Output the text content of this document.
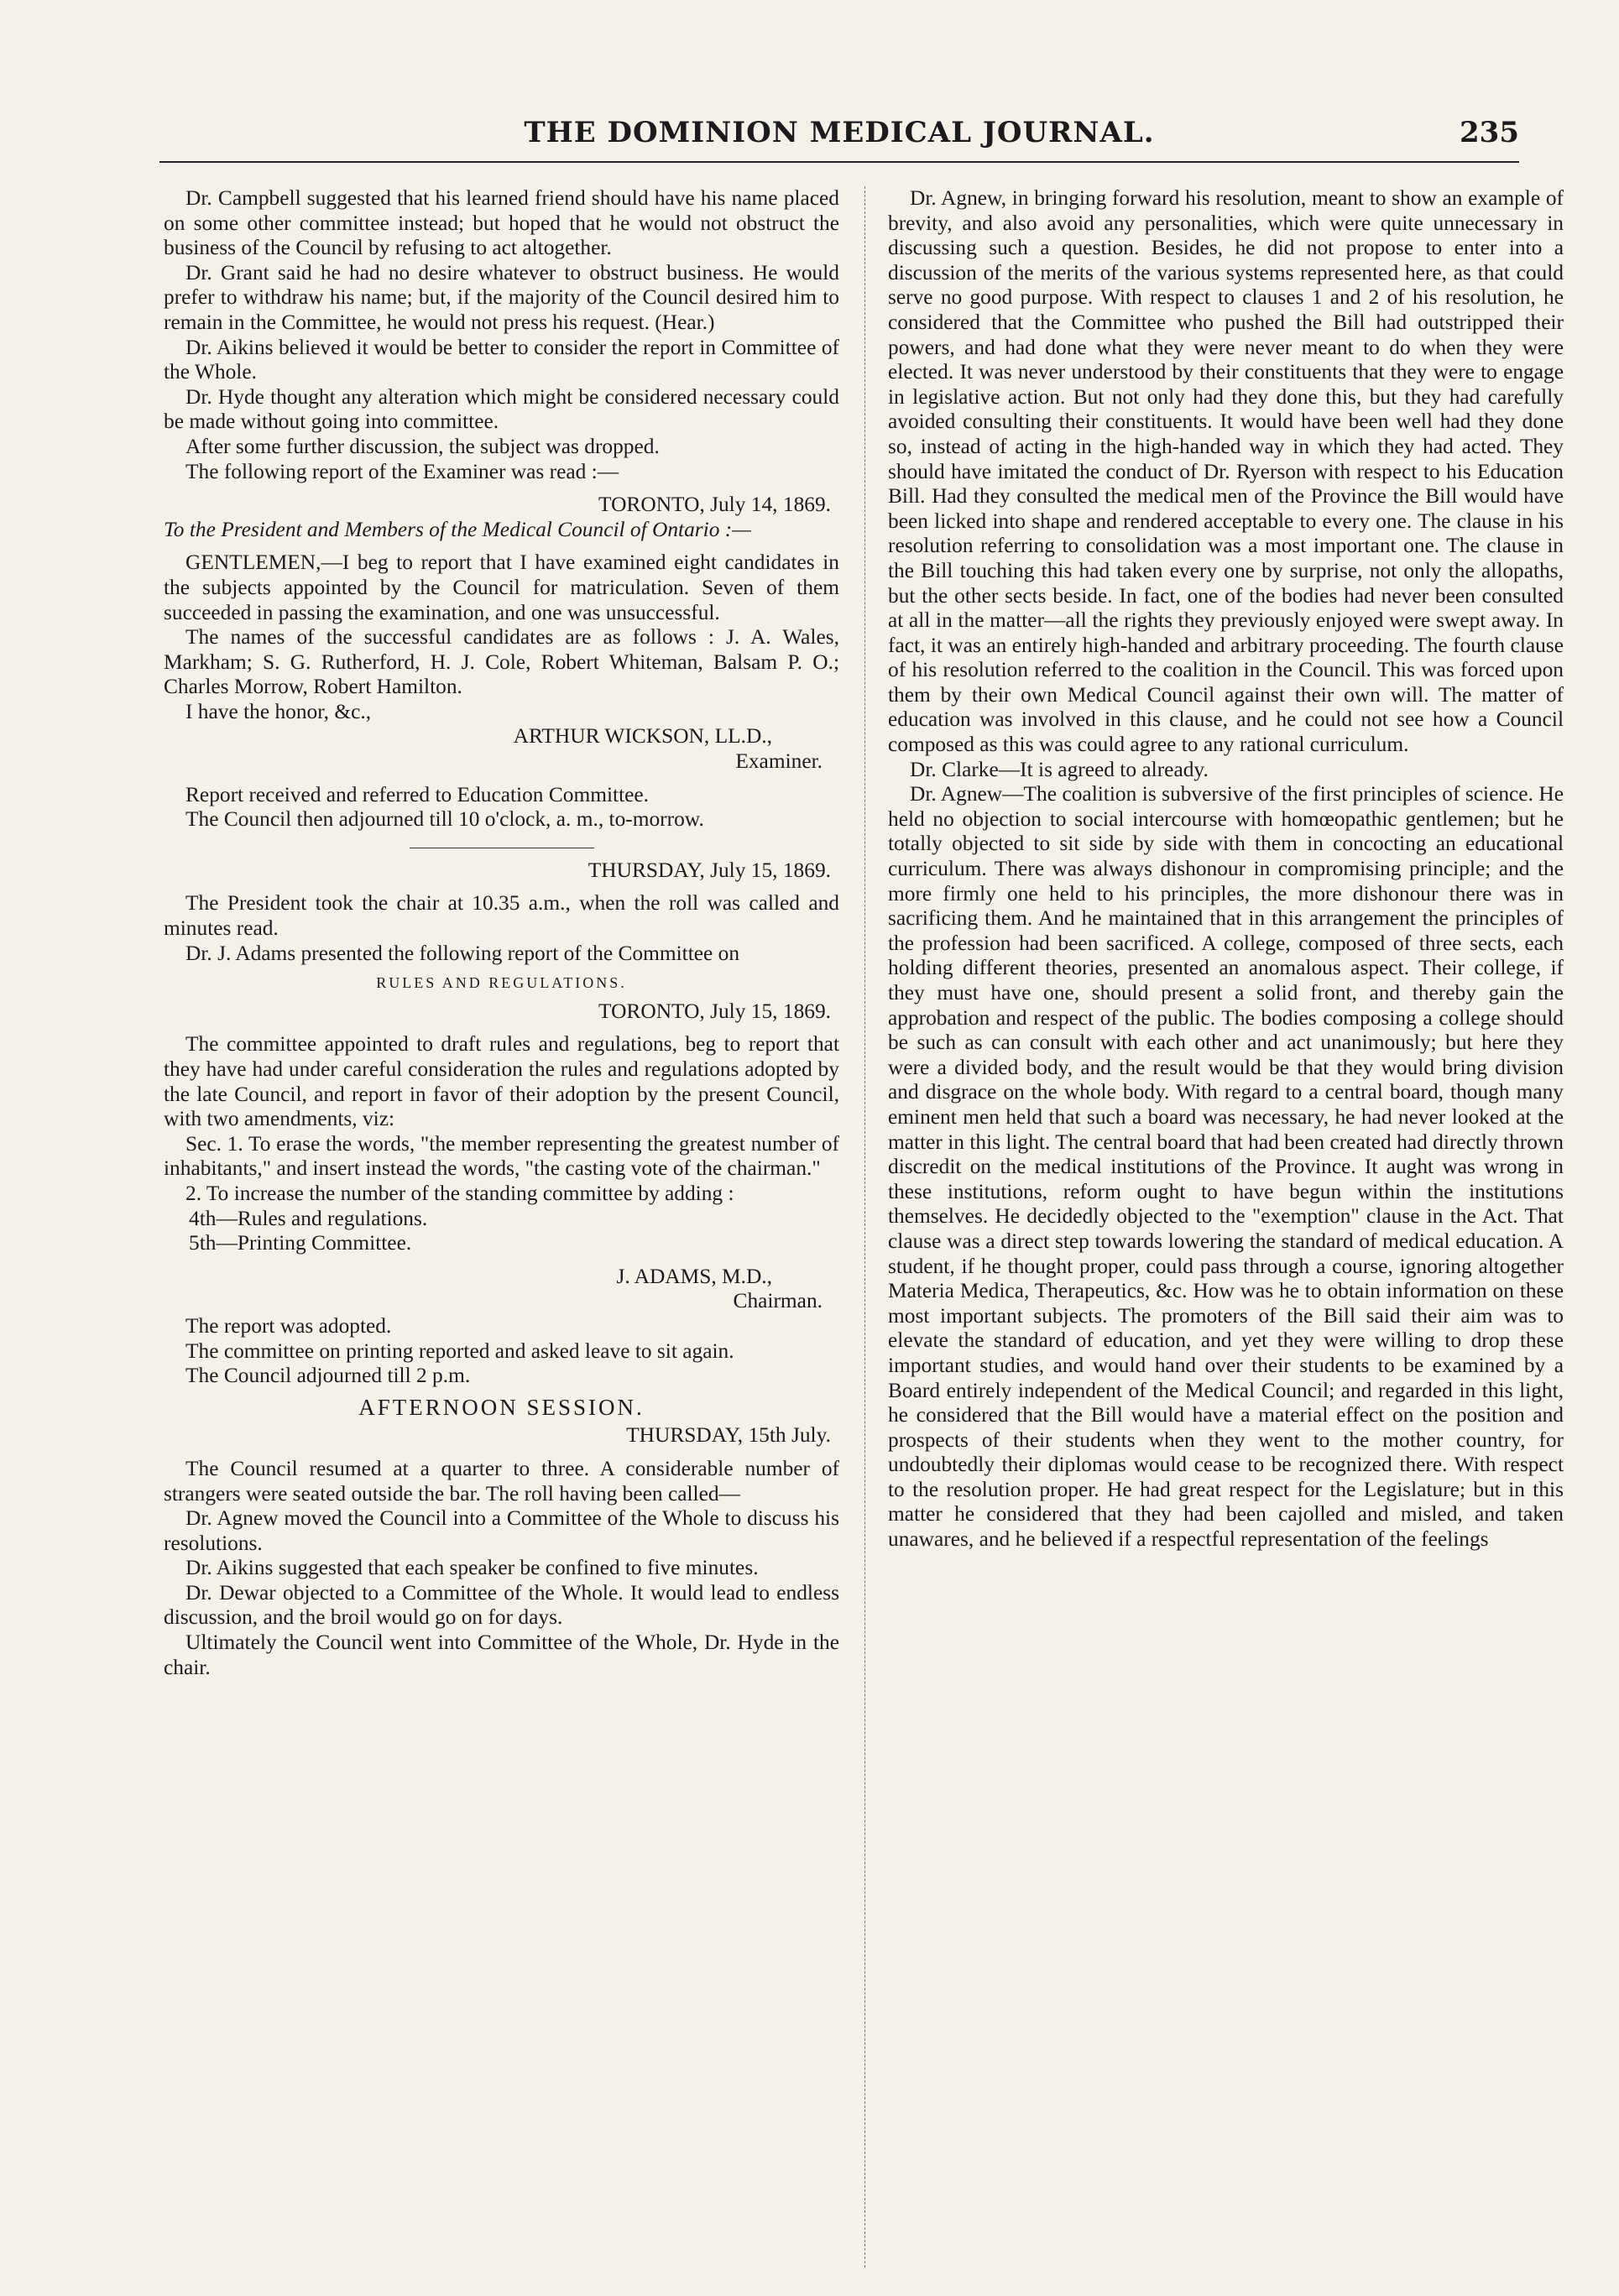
THE DOMINION MEDICAL JOURNAL.	235

Dr. Campbell suggested that his learned friend should have his name placed on some other committee instead; but hoped that he would not obstruct the business of the Council by refusing to act altogether.

Dr. Grant said he had no desire whatever to obstruct business. He would prefer to withdraw his name; but, if the majority of the Council desired him to remain in the Committee, he would not press his request. (Hear.)

Dr. Aikins believed it would be better to consider the report in Committee of the Whole.

Dr. Hyde thought any alteration which might be considered necessary could be made without going into committee.

After some further discussion, the subject was dropped.

The following report of the Examiner was read :—

TORONTO, July 14, 1869.

To the President and Members of the Medical Council of Ontario :—

GENTLEMEN,—I beg to report that I have examined eight candidates in the subjects appointed by the Council for matriculation. Seven of them succeeded in passing the examination, and one was unsuccessful.

The names of the successful candidates are as follows : J. A. Wales, Markham; S. G. Rutherford, H. J. Cole, Robert Whiteman, Balsam P. O.; Charles Morrow, Robert Hamilton.

I have the honor, &c.,

ARTHUR WICKSON, LL.D.,

Examiner.

Report received and referred to Education Committee.

The Council then adjourned till 10 o'clock, a. m., to-morrow.

THURSDAY, July 15, 1869.

The President took the chair at 10.35 a.m., when the roll was called and minutes read.

Dr. J. Adams presented the following report of the Committee on

RULES AND REGULATIONS.

TORONTO, July 15, 1869.

The committee appointed to draft rules and regulations, beg to report that they have had under careful consideration the rules and regulations adopted by the late Council, and report in favor of their adoption by the present Council, with two amendments, viz:

Sec. 1. To erase the words, "the member representing the greatest number of inhabitants," and insert instead the words, "the casting vote of the chairman."

2. To increase the number of the standing committee by adding :

4th—Rules and regulations.

5th—Printing Committee.

J. ADAMS, M.D.,

Chairman.

The report was adopted.

The committee on printing reported and asked leave to sit again.

The Council adjourned till 2 p.m.

AFTERNOON SESSION.

THURSDAY, 15th July.

The Council resumed at a quarter to three. A considerable number of strangers were seated outside the bar. The roll having been called—

Dr. Agnew moved the Council into a Committee of the Whole to discuss his resolutions.

Dr. Aikins suggested that each speaker be confined to five minutes.

Dr. Dewar objected to a Committee of the Whole. It would lead to endless discussion, and the broil would go on for days.

Ultimately the Council went into Committee of the Whole, Dr. Hyde in the chair.

Dr. Agnew, in bringing forward his resolution, meant to show an example of brevity, and also avoid any personalities, which were quite unnecessary in discussing such a question. Besides, he did not propose to enter into a discussion of the merits of the various systems represented here, as that could serve no good purpose. With respect to clauses 1 and 2 of his resolution, he considered that the Committee who pushed the Bill had outstripped their powers, and had done what they were never meant to do when they were elected. It was never understood by their constituents that they were to engage in legislative action. But not only had they done this, but they had carefully avoided consulting their constituents. It would have been well had they done so, instead of acting in the high-handed way in which they had acted. They should have imitated the conduct of Dr. Ryerson with respect to his Education Bill. Had they consulted the medical men of the Province the Bill would have been licked into shape and rendered acceptable to every one. The clause in his resolution referring to consolidation was a most important one. The clause in the Bill touching this had taken every one by surprise, not only the allopaths, but the other sects beside. In fact, one of the bodies had never been consulted at all in the matter—all the rights they previously enjoyed were swept away. In fact, it was an entirely high-handed and arbitrary proceeding. The fourth clause of his resolution referred to the coalition in the Council. This was forced upon them by their own Medical Council against their own will. The matter of education was involved in this clause, and he could not see how a Council composed as this was could agree to any rational curriculum.

Dr. Clarke—It is agreed to already.

Dr. Agnew—The coalition is subversive of the first principles of science. He held no objection to social intercourse with homœopathic gentlemen; but he totally objected to sit side by side with them in concocting an educational curriculum. There was always dishonour in compromising principle; and the more firmly one held to his principles, the more dishonour there was in sacrificing them. And he maintained that in this arrangement the principles of the profession had been sacrificed. A college, composed of three sects, each holding different theories, presented an anomalous aspect. Their college, if they must have one, should present a solid front, and thereby gain the approbation and respect of the public. The bodies composing a college should be such as can consult with each other and act unanimously; but here they were a divided body, and the result would be that they would bring division and disgrace on the whole body. With regard to a central board, though many eminent men held that such a board was necessary, he had never looked at the matter in this light. The central board that had been created had directly thrown discredit on the medical institutions of the Province. It aught was wrong in these institutions, reform ought to have begun within the institutions themselves. He decidedly objected to the "exemption" clause in the Act. That clause was a direct step towards lowering the standard of medical education. A student, if he thought proper, could pass through a course, ignoring altogether Materia Medica, Therapeutics, &c. How was he to obtain information on these most important subjects. The promoters of the Bill said their aim was to elevate the standard of education, and yet they were willing to drop these important studies, and would hand over their students to be examined by a Board entirely independent of the Medical Council; and regarded in this light, he considered that the Bill would have a material effect on the position and prospects of their students when they went to the mother country, for undoubtedly their diplomas would cease to be recognized there. With respect to the resolution proper. He had great respect for the Legislature; but in this matter he considered that they had been cajolled and misled, and taken unawares, and he believed if a respectful representation of the feelings
